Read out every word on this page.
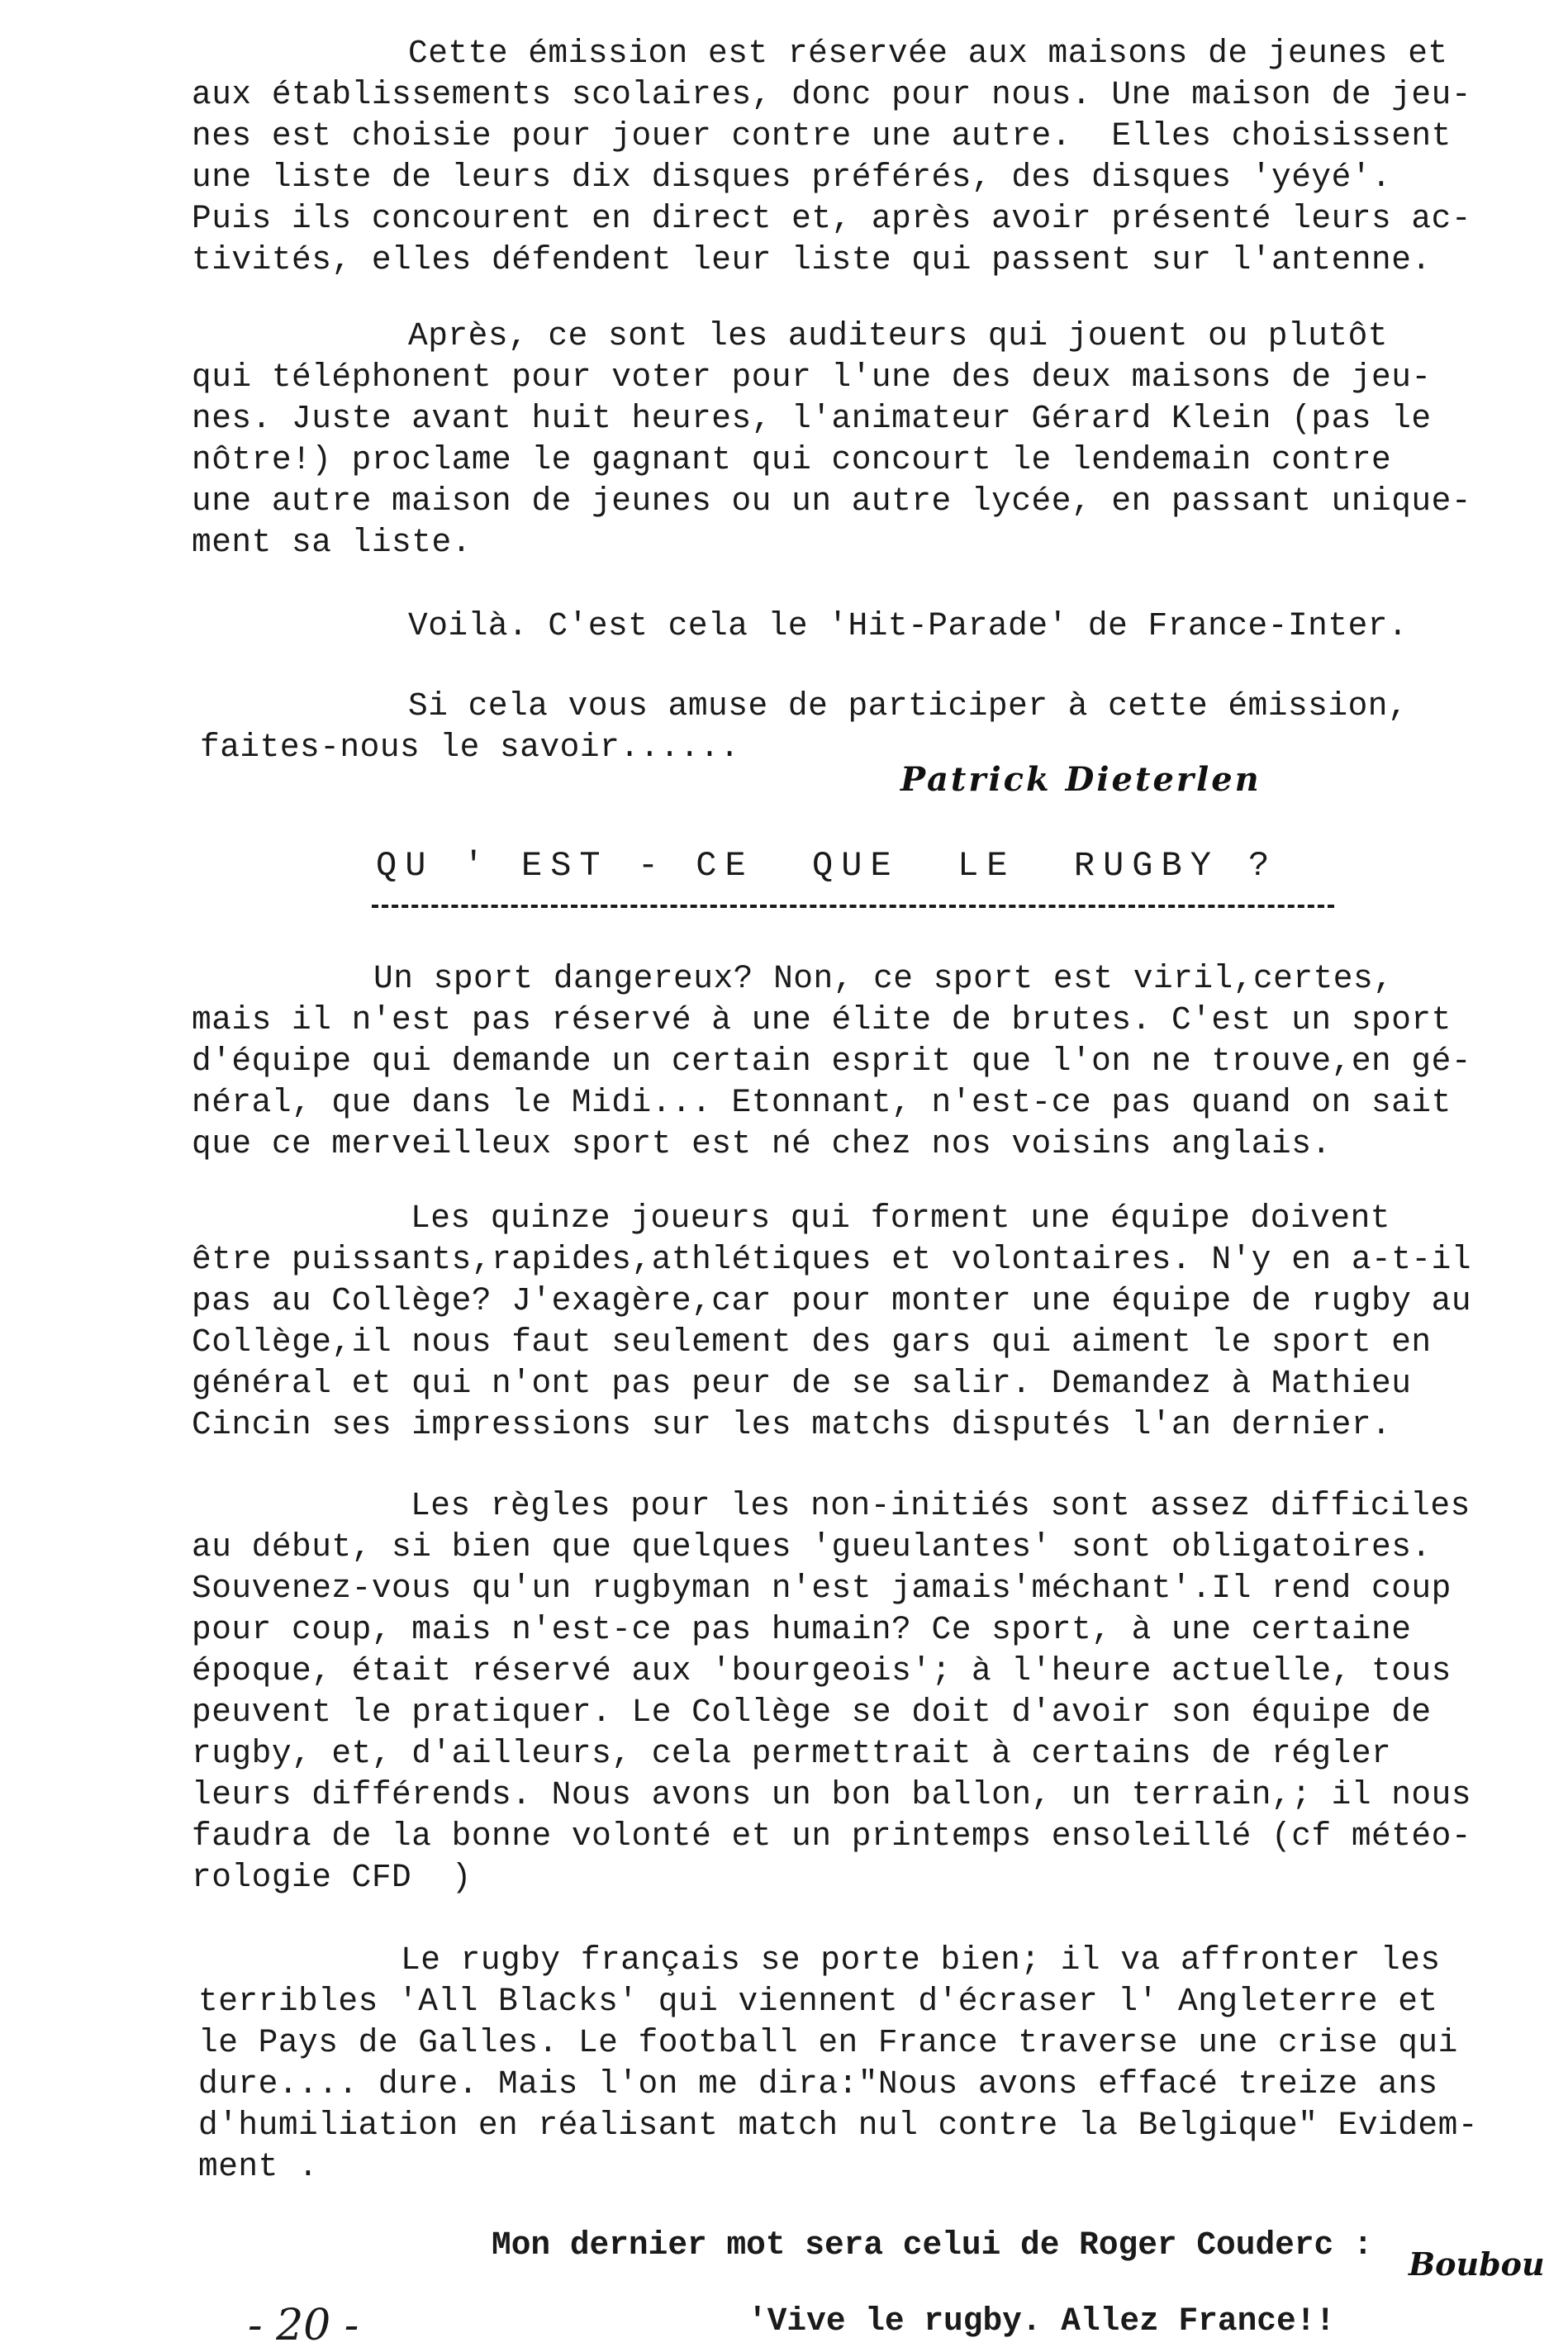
Cette émission est réservée aux maisons de jeunes et
aux établissements scolaires, donc pour nous. Une maison de jeu-
nes est choisie pour jouer contre une autre.  Elles choisissent
une liste de leurs dix disques préférés, des disques 'yéyé'.
Puis ils concourent en direct et, après avoir présenté leurs ac-
tivités, elles défendent leur liste qui passent sur l'antenne.
Après, ce sont les auditeurs qui jouent ou plutôt
qui téléphonent pour voter pour l'une des deux maisons de jeu-
nes. Juste avant huit heures, l'animateur Gérard Klein (pas le
nôtre!) proclame le gagnant qui concourt le lendemain contre
une autre maison de jeunes ou un autre lycée, en passant unique-
ment sa liste.
Voilà. C'est cela le 'Hit-Parade' de France-Inter.
Si cela vous amuse de participer à cette émission,
faites-nous le savoir......
Patrick Dieterlen
QU ' EST - CE  QUE  LE  RUGBY ?
Un sport dangereux? Non, ce sport est viril,certes,
mais il n'est pas réservé à une élite de brutes. C'est un sport
d'équipe qui demande un certain esprit que l'on ne trouve,en gé-
néral, que dans le Midi... Etonnant, n'est-ce pas quand on sait
que ce merveilleux sport est né chez nos voisins anglais.
Les quinze joueurs qui forment une équipe doivent
être puissants,rapides,athlétiques et volontaires. N'y en a-t-il
pas au Collège? J'exagère,car pour monter une équipe de rugby au
Collège,il nous faut seulement des gars qui aiment le sport en
général et qui n'ont pas peur de se salir. Demandez à Mathieu
Cincin ses impressions sur les matchs disputés l'an dernier.
Les règles pour les non-initiés sont assez difficiles
au début, si bien que quelques 'gueulantes' sont obligatoires.
Souvenez-vous qu'un rugbyman n'est jamais'méchant'.Il rend coup
pour coup, mais n'est-ce pas humain? Ce sport, à une certaine
époque, était réservé aux 'bourgeois'; à l'heure actuelle, tous
peuvent le pratiquer. Le Collège se doit d'avoir son équipe de
rugby, et, d'ailleurs, cela permettrait à certains de régler
leurs différends. Nous avons un bon ballon, un terrain,; il nous
faudra de la bonne volonté et un printemps ensoleillé (cf météo-
rologie CFD  )
Le rugby français se porte bien; il va affronter les
terribles 'All Blacks' qui viennent d'écraser l' Angleterre et
le Pays de Galles. Le football en France traverse une crise qui
dure.... dure. Mais l'on me dira:"Nous avons effacé treize ans
d'humiliation en réalisant match nul contre la Belgique" Evidem-
ment .
Mon dernier mot sera celui de Roger Couderc :
'Vive le rugby. Allez France!!
Boubou
- 20 -
